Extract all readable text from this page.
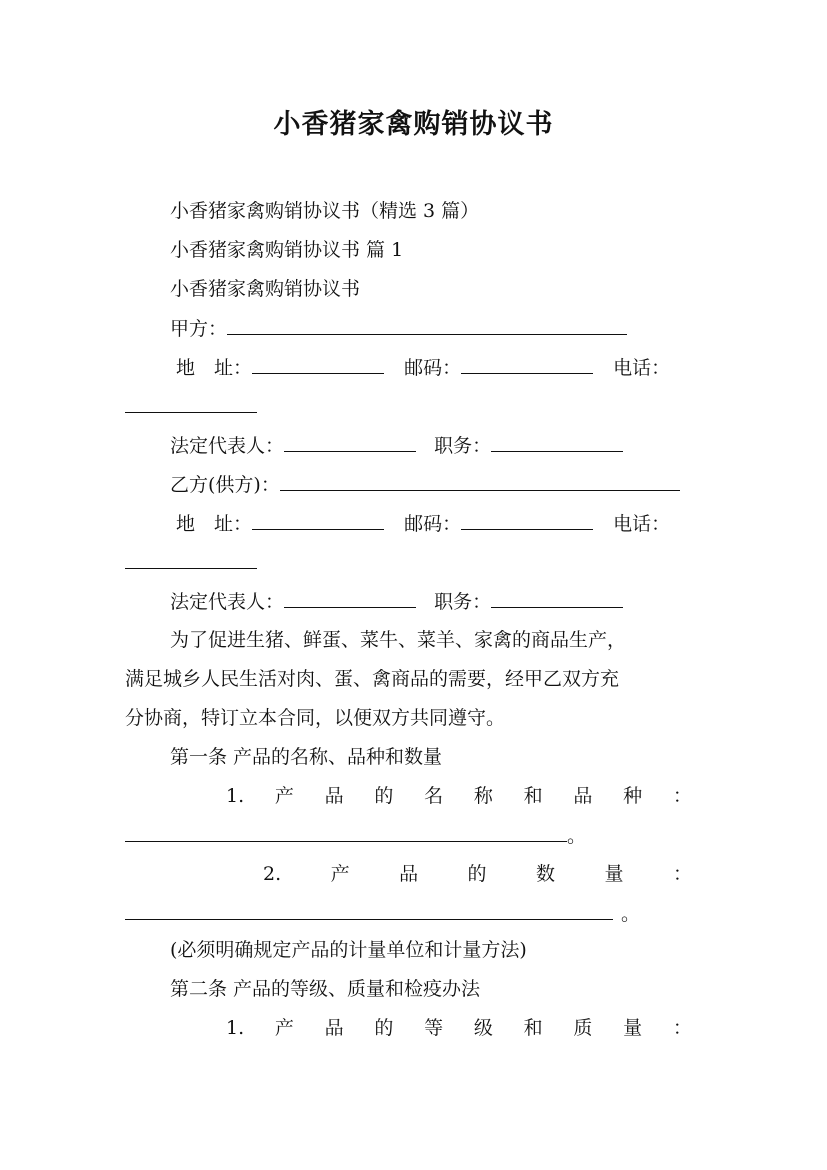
小香猪家禽购销协议书
小香猪家禽购销协议书（精选 3 篇）
小香猪家禽购销协议书 篇 1
小香猪家禽购销协议书
甲方：
地　址：	邮码：	电话：
法定代表人：	职务：
乙方(供方)：
地　址：	邮码：	电话：
法定代表人：	职务：
为了促进生猪、鲜蛋、菜牛、菜羊、家禽的商品生产，
满足城乡人民生活对肉、蛋、禽商品的需要，经甲乙双方充
分协商，特订立本合同，以便双方共同遵守。
第一条 产品的名称、品种和数量
1. 产 品 的 名 称 和 品 种 ：
。
2.	产	品	的	数	量	：
。
(必须明确规定产品的计量单位和计量方法)
第二条 产品的等级、质量和检疫办法
1. 产 品 的 等 级 和 质 量 ：
